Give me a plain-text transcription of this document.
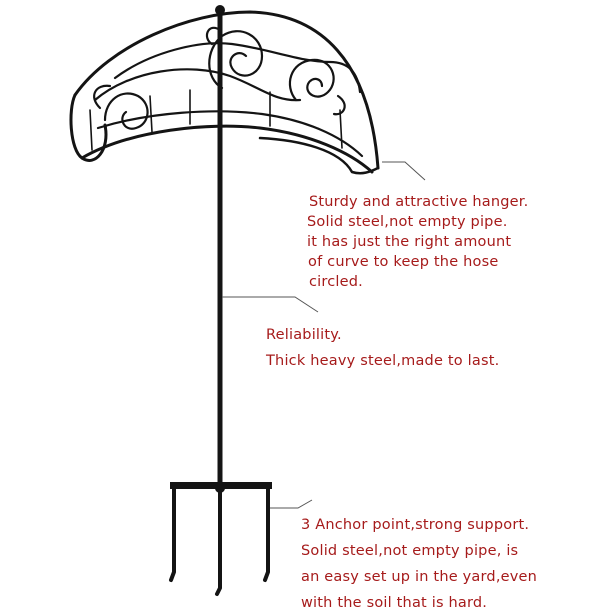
Sturdy and attractive hanger.
Solid steel,not empty pipe.
it has just the right amount
of curve to keep the hose
circled.
Reliability.
Thick heavy steel,made to last.
3 Anchor point,strong support.
Solid steel,not empty pipe, is
an easy set up in the yard,even
with the soil that is hard.
